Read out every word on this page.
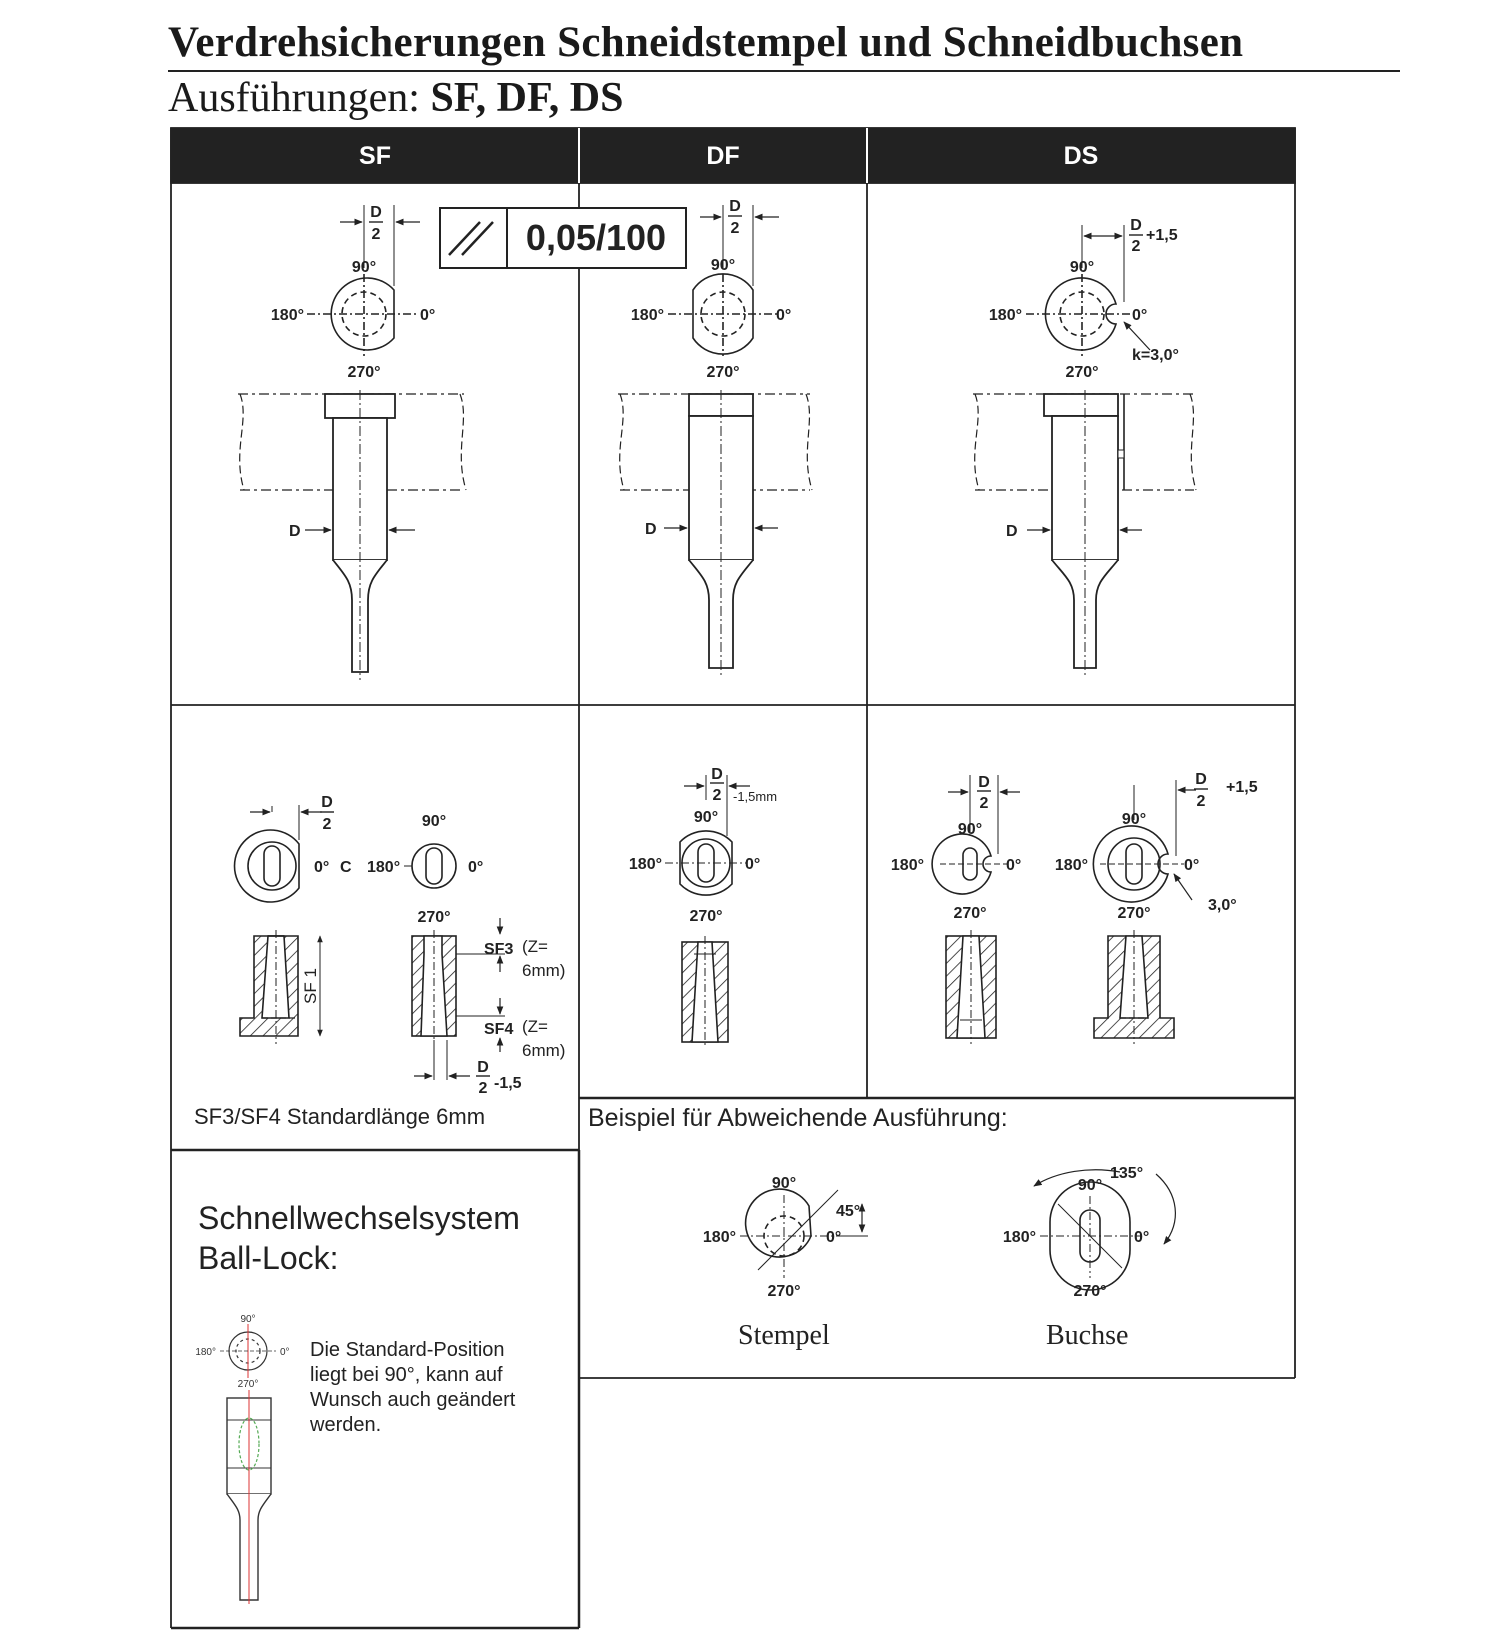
Verdrehsicherungen Schneidstempel und Schneidbuchsen
Ausführungen: SF, DF, DS
SF	DF	DS
0,05/100
D
2
90°
180°	0°
270°
D
D
2
90°
180°	0°
270°
D
D
2
+1,5
90°
180°	0°
k=3,0°
270°
D
D
2
0° C 180°
90°
0°
270°
SF 1
SF3 (Z=
6mm)
SF4 (Z=
6mm)
D
2 -1,5
D
2 -1,5mm
90°
180°	0°
270°
D
2
90°
180°	0°
270°
D
2
+1,5
90°
180°	0°
3,0°
270°
90°
180°	0°
45°
270°
90°
135°
180°	0°
270°
90°
180°	0°
270°
SF3/SF4 Standardlänge 6mm	Beispiel für Abweichende Ausführung:
Schnellwechselsystem
Ball-Lock:
Die Standard-Position
liegt bei 90°, kann auf
Wunsch auch geändert
werden.
Stempel	Buchse
